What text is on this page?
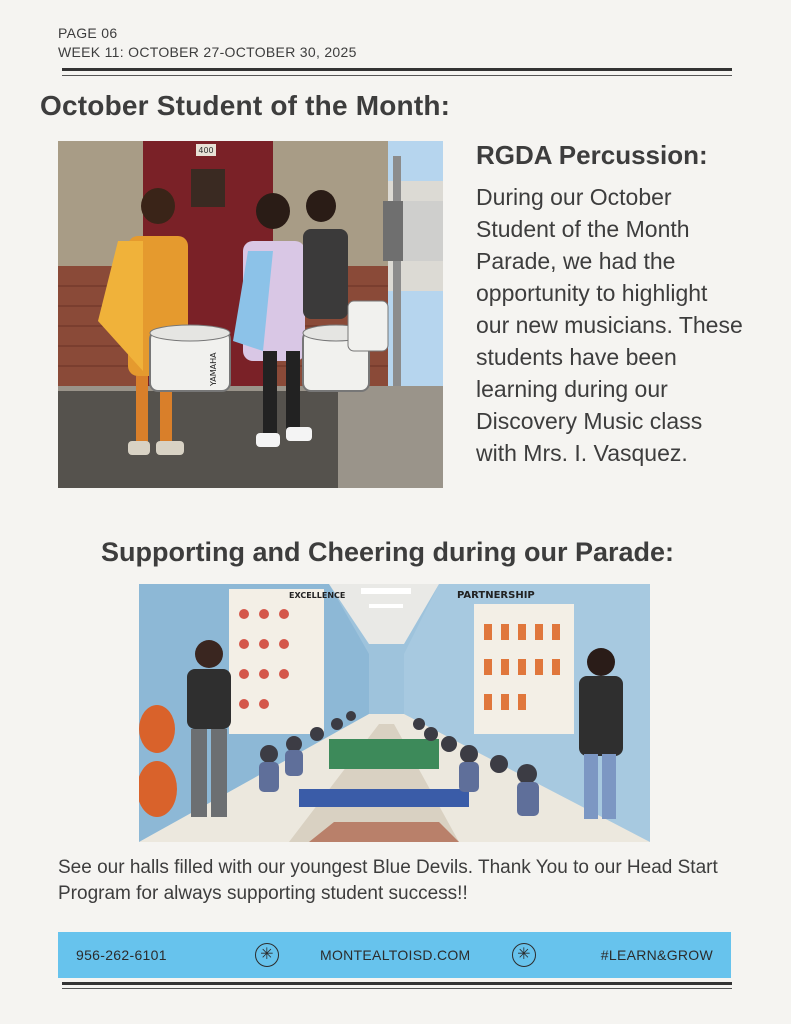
PAGE 06
WEEK 11: OCTOBER 27-OCTOBER 30, 2025
October Student of the Month:
400
YAMAHA
RGDA Percussion:
During our October Student of the Month Parade, we had the opportunity to highlight our new musicians. These students have been learning during our Discovery Music class with Mrs. I. Vasquez.
Supporting and Cheering during our Parade:
EXCELLENCE	PARTNERSHIP
See our halls filled with our youngest Blue Devils. Thank You to our Head Start Program for always supporting student success!!
956-262-6101	✳	MONTEALTOISD.COM	✳	#LEARN&GROW
